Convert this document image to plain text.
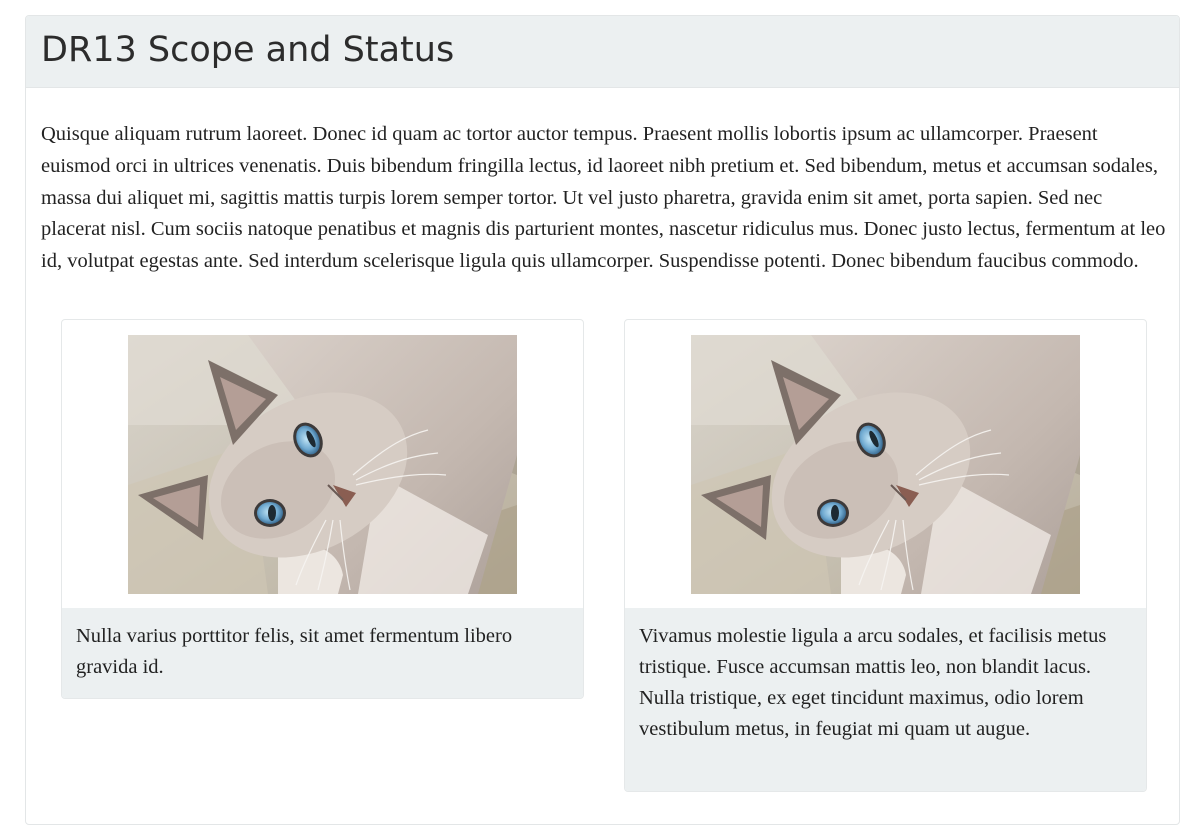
DR13 Scope and Status

Quisque aliquam rutrum laoreet. Donec id quam ac tortor auctor tempus. Praesent mollis lobortis ipsum ac ullamcorper. Praesent euismod orci in ultrices venenatis. Duis bibendum fringilla lectus, id laoreet nibh pretium et. Sed bibendum, metus et accumsan sodales, massa dui aliquet mi, sagittis mattis turpis lorem semper tortor. Ut vel justo pharetra, gravida enim sit amet, porta sapien. Sed nec placerat nisl. Cum sociis natoque penatibus et magnis dis parturient montes, nascetur ridiculus mus. Donec justo lectus, fermentum at leo id, volutpat egestas ante. Sed interdum scelerisque ligula quis ullamcorper. Suspendisse potenti. Donec bibendum faucibus commodo.

Nulla varius porttitor felis, sit amet fermentum libero gravida id.

Vivamus molestie ligula a arcu sodales, et facilisis metus tristique. Fusce accumsan mattis leo, non blandit lacus. Nulla tristique, ex eget tincidunt maximus, odio lorem vestibulum metus, in feugiat mi quam ut augue.
